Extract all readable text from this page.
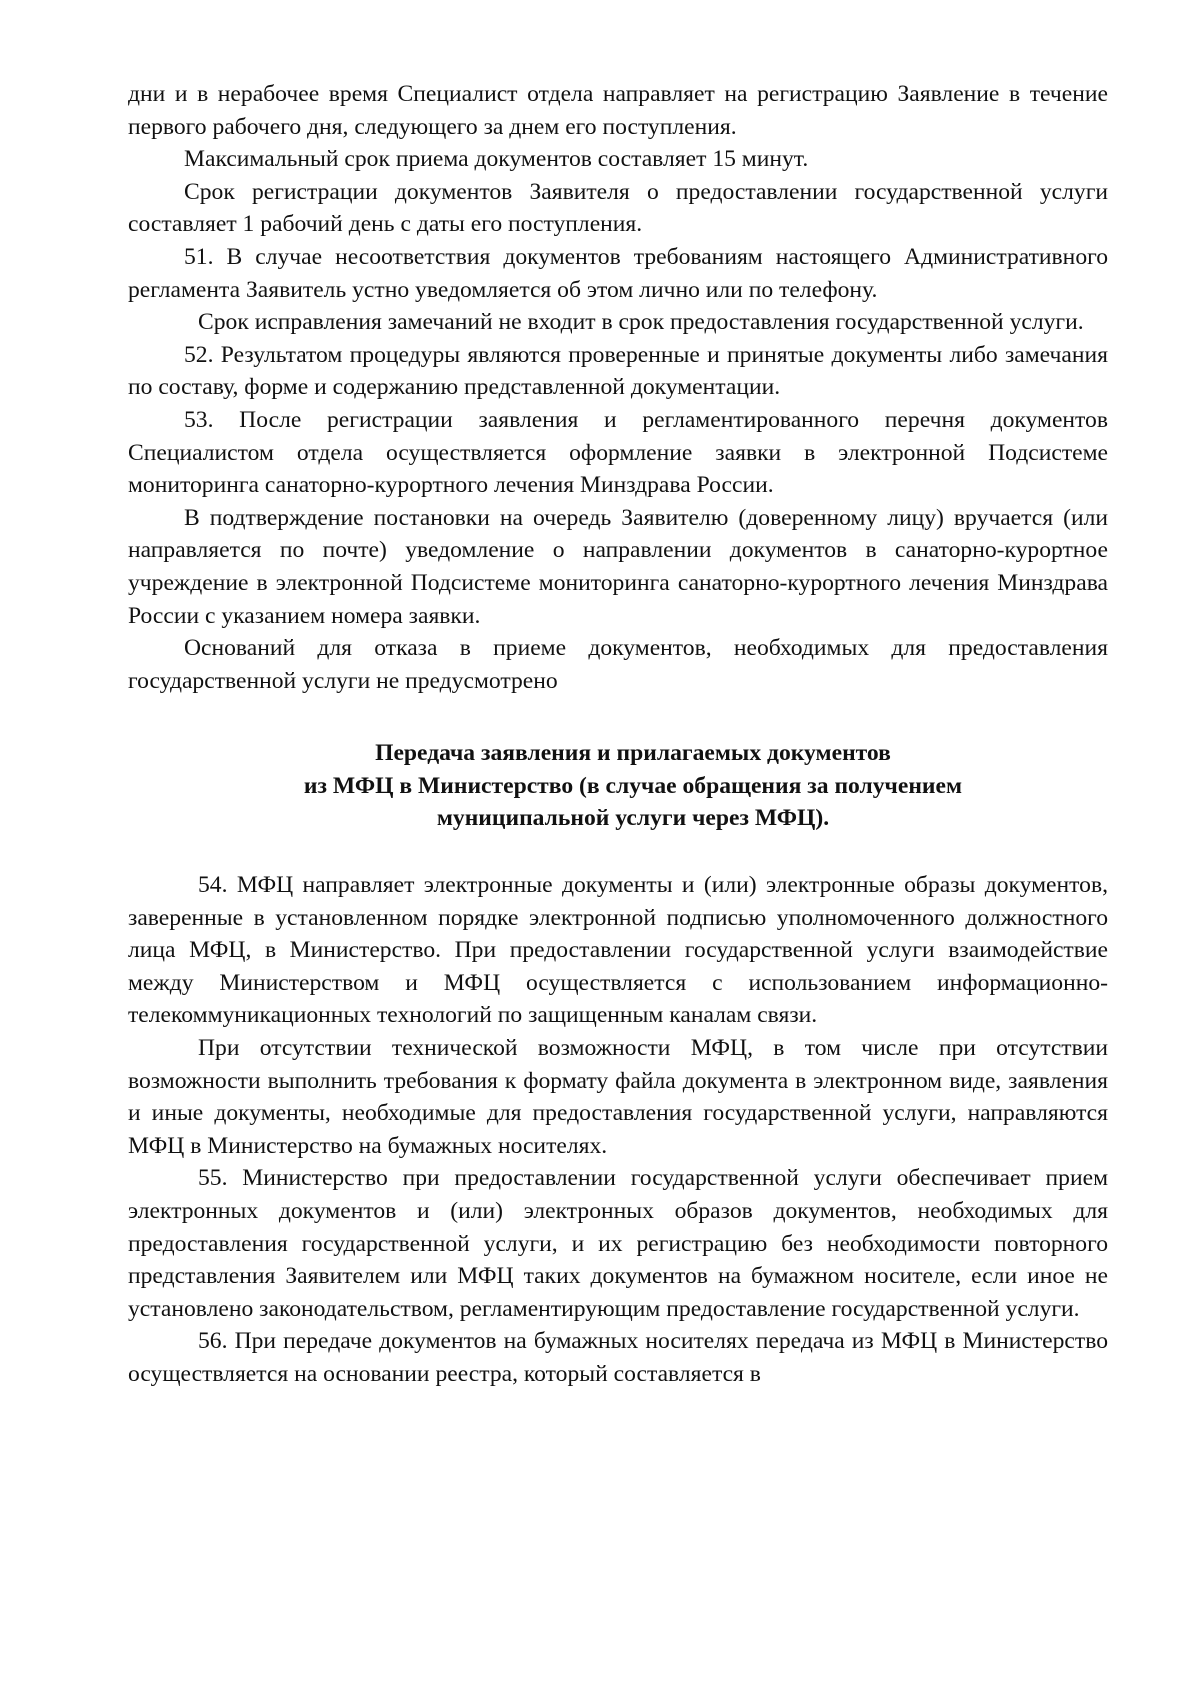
дни и в нерабочее время Специалист отдела направляет на регистрацию Заявление в течение первого рабочего дня, следующего за днем его поступления.

Максимальный срок приема документов составляет 15 минут.

Срок регистрации документов Заявителя о предоставлении государственной услуги составляет 1 рабочий день с даты его поступления.

51. В случае несоответствия документов требованиям настоящего Административного регламента Заявитель устно уведомляется об этом лично или по телефону.

Срок исправления замечаний не входит в срок предоставления государственной услуги.

52. Результатом процедуры являются проверенные и принятые документы либо замечания по составу, форме и содержанию представленной документации.

53. После регистрации заявления и регламентированного перечня документов Специалистом отдела осуществляется оформление заявки в электронной Подсистеме мониторинга санаторно-курортного лечения Минздрава России.

В подтверждение постановки на очередь Заявителю (доверенному лицу) вручается (или направляется по почте) уведомление о направлении документов в санаторно-курортное учреждение в электронной Подсистеме мониторинга санаторно-курортного лечения Минздрава России с указанием номера заявки.

Оснований для отказа в приеме документов, необходимых для предоставления государственной услуги не предусмотрено

Передача заявления и прилагаемых документов

из МФЦ в Министерство (в случае обращения за получением

муниципальной услуги через МФЦ).

54. МФЦ направляет электронные документы и (или) электронные образы документов, заверенные в установленном порядке электронной подписью уполномоченного должностного лица МФЦ, в Министерство. При предоставлении государственной услуги взаимодействие между Министерством и МФЦ осуществляется с использованием информационно-телекоммуникационных технологий по защищенным каналам связи.

При отсутствии технической возможности МФЦ, в том числе при отсутствии возможности выполнить требования к формату файла документа в электронном виде, заявления и иные документы, необходимые для предоставления государственной услуги, направляются МФЦ в Министерство на бумажных носителях.

55. Министерство при предоставлении государственной услуги обеспечивает прием электронных документов и (или) электронных образов документов, необходимых для предоставления государственной услуги, и их регистрацию без необходимости повторного представления Заявителем или МФЦ таких документов на бумажном носителе, если иное не установлено законодательством, регламентирующим предоставление государственной услуги.

56. При передаче документов на бумажных носителях передача из МФЦ в Министерство осуществляется на основании реестра, который составляется в
